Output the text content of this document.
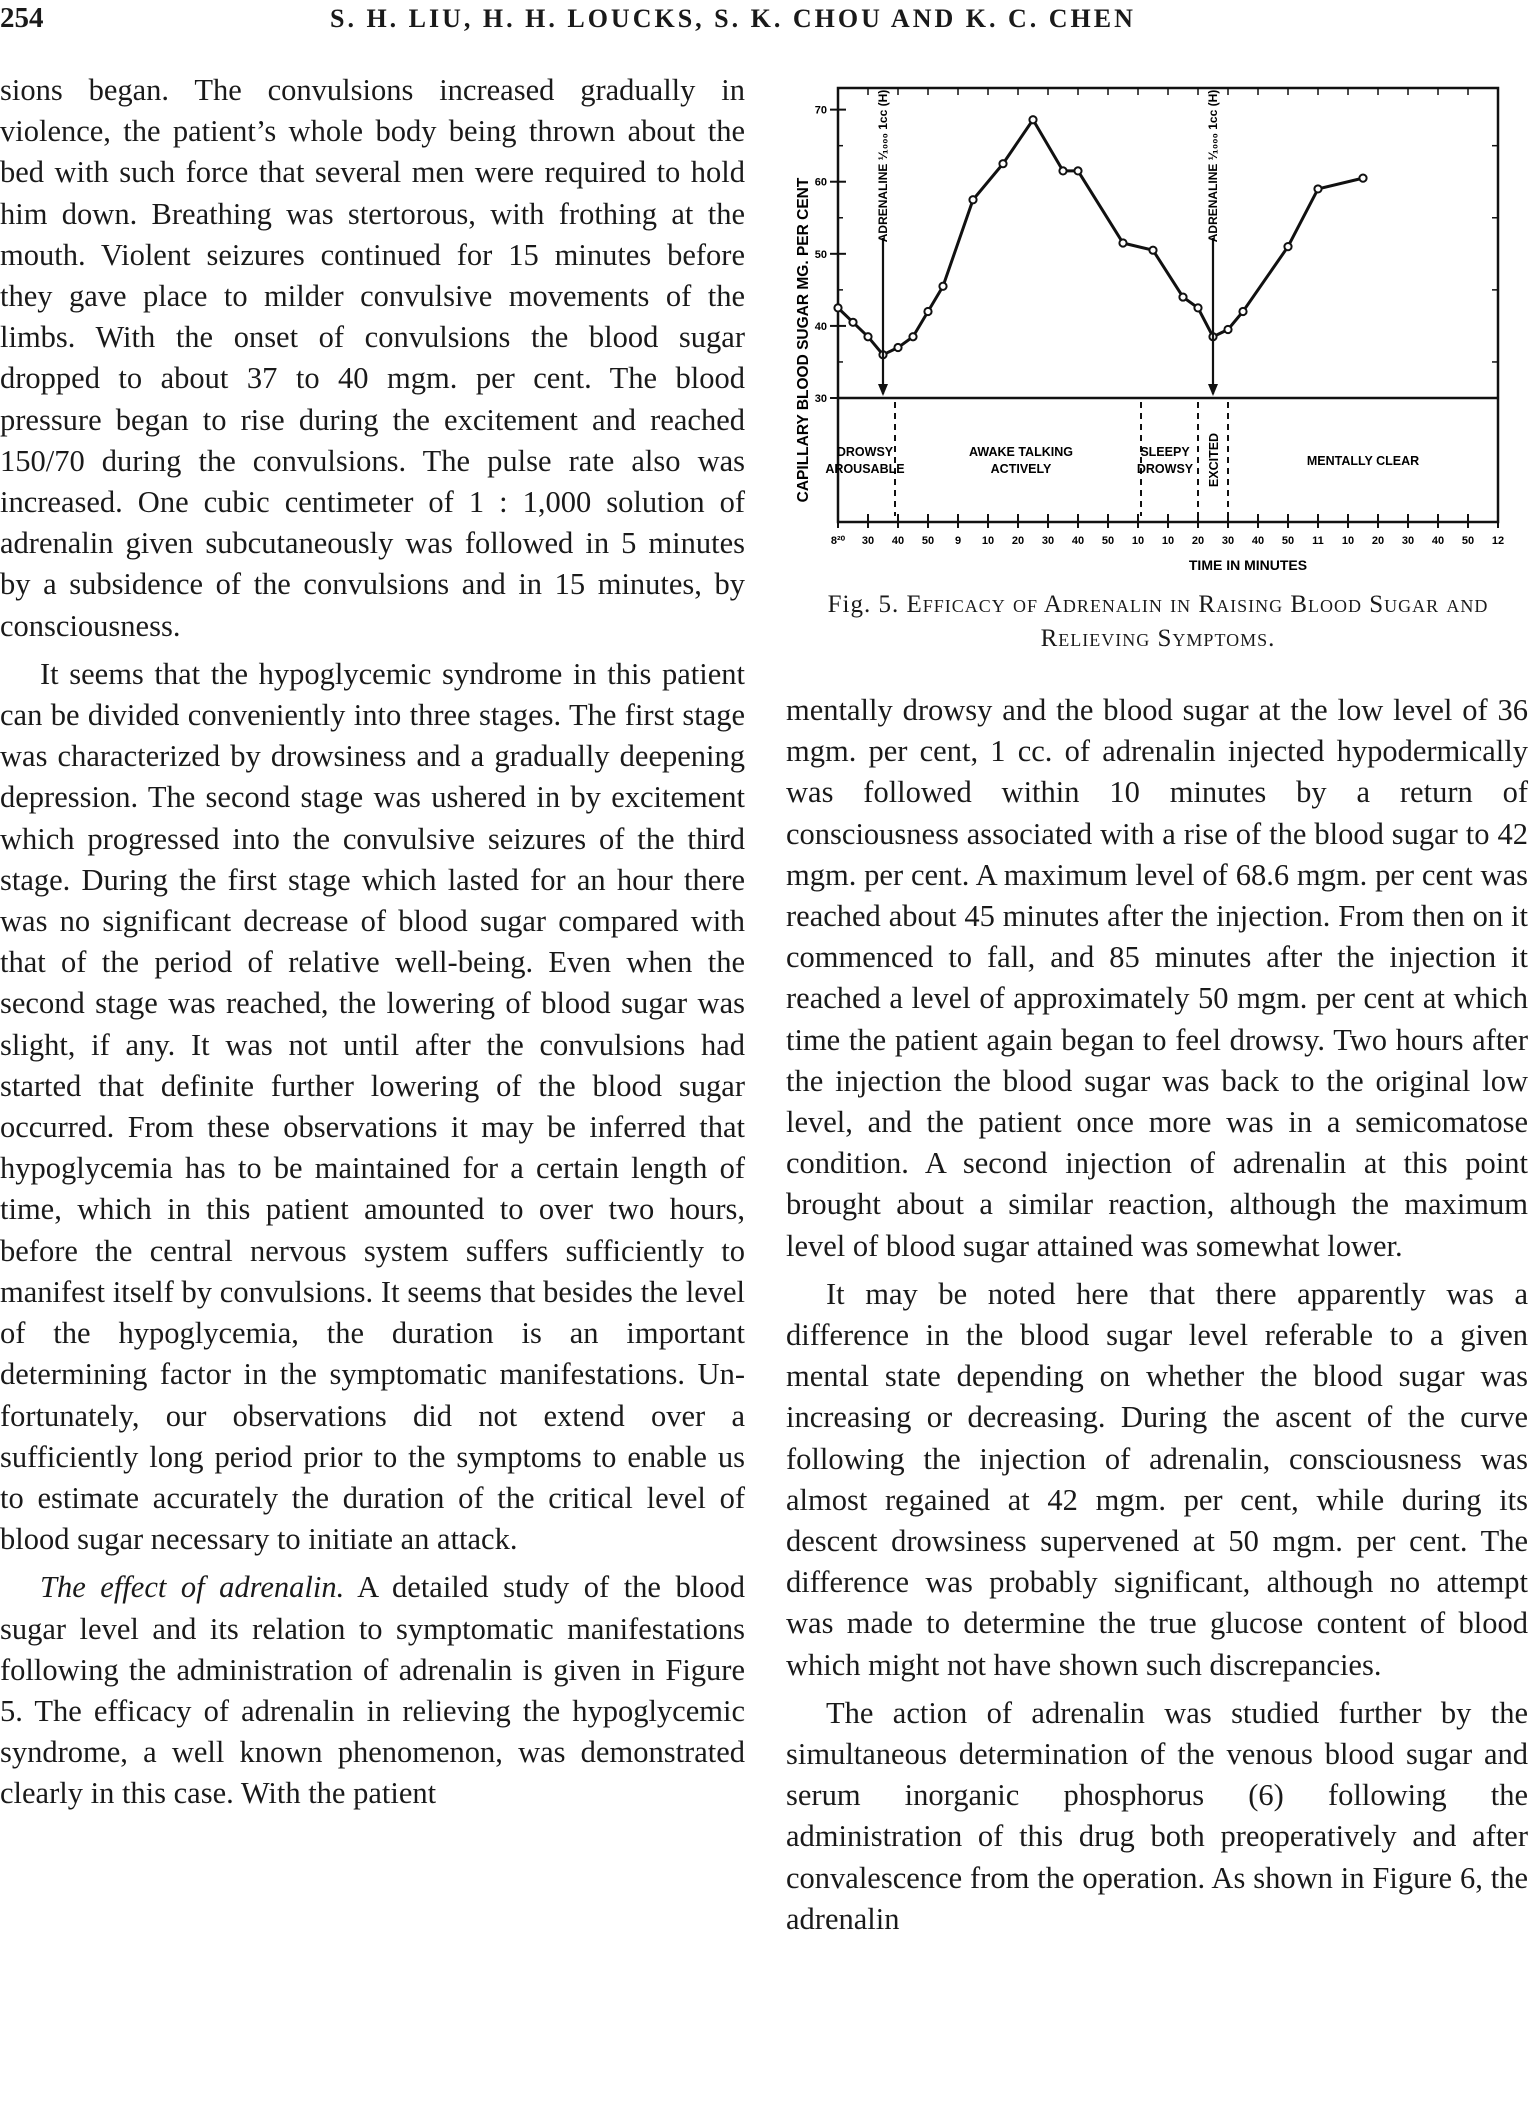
254	S. H. LIU, H. H. LOUCKS, S. K. CHOU AND K. C. CHEN

sions began. The convulsions increased gradually in violence, the patient’s whole body being thrown about the bed with such force that several men were required to hold him down. Breathing was stertorous, with frothing at the mouth. Violent seizures continued for 15 minutes before they gave place to milder convulsive movements of the limbs. With the onset of convulsions the blood sugar dropped to about 37 to 40 mgm. per cent. The blood pressure began to rise during the excitement and reached 150/70 during the convulsions. The pulse rate also was increased. One cubic centimeter of 1 : 1,000 solution of adrenalin given subcutaneously was followed in 5 minutes by a subsidence of the convulsions and in 15 minutes, by consciousness.

It seems that the hypoglycemic syndrome in this patient can be divided conveniently into three stages. The first stage was characterized by drowsiness and a gradually deepening depression. The second stage was ushered in by excitement which progressed into the convulsive seizures of the third stage. During the first stage which lasted for an hour there was no significant decrease of blood sugar compared with that of the period of relative well-being. Even when the second stage was reached, the lowering of blood sugar was slight, if any. It was not until after the convulsions had started that definite further lowering of the blood sugar occurred. From these observations it may be inferred that hypoglycemia has to be maintained for a certain length of time, which in this patient amounted to over two hours, before the central nervous system suffers sufficiently to manifest itself by convulsions. It seems that besides the level of the hypoglycemia, the duration is an important determining factor in the symptomatic manifestations. Unfortunately, our observations did not extend over a sufficiently long period prior to the symptoms to enable us to estimate accurately the duration of the critical level of blood sugar necessary to initiate an attack.

The effect of adrenalin. A detailed study of the blood sugar level and its relation to symptomatic manifestations following the administration of adrenalin is given in Figure 5. The efficacy of adrenalin in relieving the hypoglycemic syndrome, a well known phenomenon, was demonstrated clearly in this case. With the patient

CAPILLARY BLOOD SUGAR MG. PER CENT
70
60
50
40
30
8²⁰ 30 40 50 9 10 20 30 40 50 10 10 20 30 40 50 11 10 20 30 40 50 12
ADRENALINE ¹⁄₁₀₀₀ 1cc (H)	ADRENALINE ¹⁄₁₀₀₀ 1cc (H)
DROWSY
AROUSABLE
AWAKE TALKING
ACTIVELY
SLEEPY
DROWSY EXCITED	MENTALLY CLEAR
TIME IN MINUTES
Fig. 5. Efficacy of Adrenalin in Raising Blood Sugar and Relieving Symptoms.

mentally drowsy and the blood sugar at the low level of 36 mgm. per cent, 1 cc. of adrenalin injected hypodermically was followed within 10 minutes by a return of consciousness associated with a rise of the blood sugar to 42 mgm. per cent. A maximum level of 68.6 mgm. per cent was reached about 45 minutes after the injection. From then on it commenced to fall, and 85 minutes after the injection it reached a level of approximately 50 mgm. per cent at which time the patient again began to feel drowsy. Two hours after the injection the blood sugar was back to the original low level, and the patient once more was in a semicomatose condition. A second injection of adrenalin at this point brought about a similar reaction, although the maximum level of blood sugar attained was somewhat lower.

It may be noted here that there apparently was a difference in the blood sugar level referable to a given mental state depending on whether the blood sugar was increasing or decreasing. During the ascent of the curve following the injection of adrenalin, consciousness was almost regained at 42 mgm. per cent, while during its descent drowsiness supervened at 50 mgm. per cent. The difference was probably significant, although no attempt was made to determine the true glucose content of blood which might not have shown such discrepancies.

The action of adrenalin was studied further by the simultaneous determination of the venous blood sugar and serum inorganic phosphorus (6) following the administration of this drug both preoperatively and after convalescence from the operation. As shown in Figure 6, the adrenalin
